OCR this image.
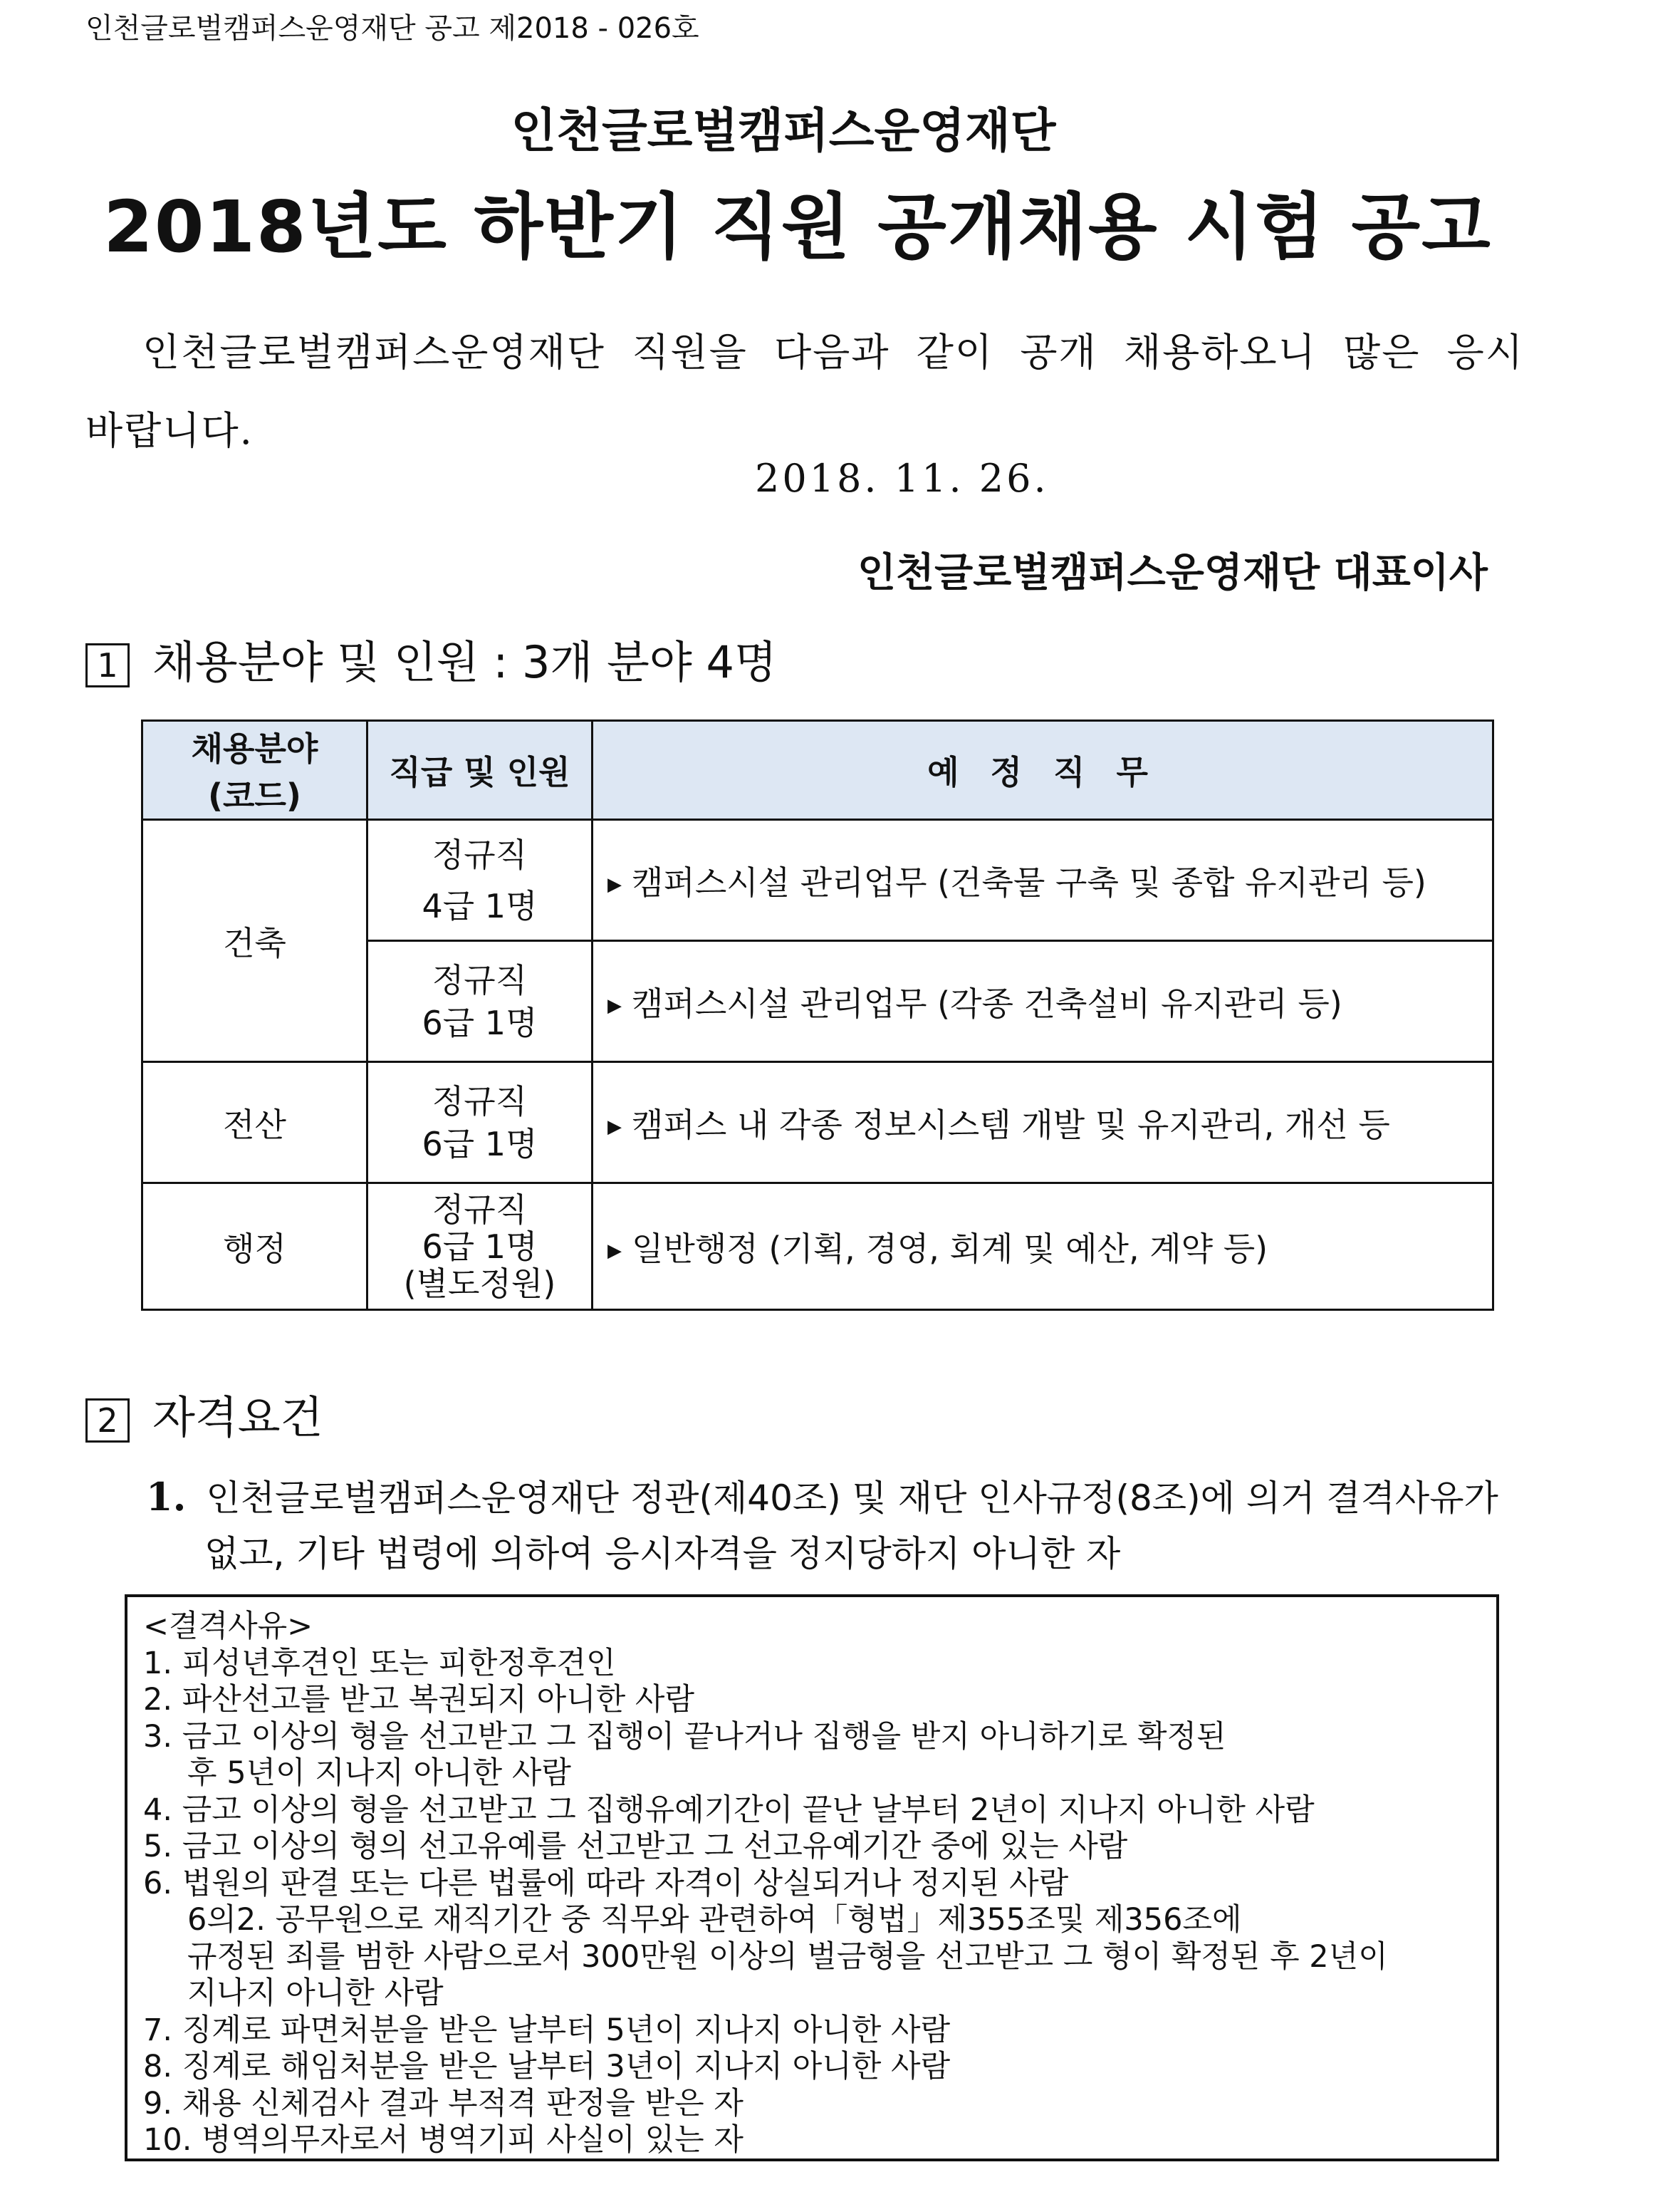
인천글로벌캠퍼스운영재단 공고 제2018 - 026호
인천글로벌캠퍼스운영재단
2018년도 하반기 직원 공개채용 시험 공고
인천글로벌캠퍼스운영재단 직원을 다음과 같이 공개 채용하오니 많은 응시
바랍니다.
2018. 11. 26.
인천글로벌캠퍼스운영재단 대표이사
1 채용분야 및 인원 : 3개 분야 4명
채용분야
(코드)	직급 및 인원	예 정 직 무
건축	정규직
4급 1명	▶ 캠퍼스시설 관리업무 (건축물 구축 및 종합 유지관리 등)

	정규직
6급 1명	▶ 캠퍼스시설 관리업무 (각종 건축설비 유지관리 등)
전산	정규직
6급 1명	▶ 캠퍼스 내 각종 정보시스템 개발 및 유지관리, 개선 등
행정	정규직
6급 1명
(별도정원)	▶ 일반행정 (기획, 경영, 회계 및 예산, 계약 등)
2 자격요건
1. 인천글로벌캠퍼스운영재단 정관(제40조) 및 재단 인사규정(8조)에 의거 결격사유가
없고, 기타 법령에 의하여 응시자격을 정지당하지 아니한 자
<결격사유>
1. 피성년후견인 또는 피한정후견인
2. 파산선고를 받고 복권되지 아니한 사람
3. 금고 이상의 형을 선고받고 그 집행이 끝나거나 집행을 받지 아니하기로 확정된
후 5년이 지나지 아니한 사람
4. 금고 이상의 형을 선고받고 그 집행유예기간이 끝난 날부터 2년이 지나지 아니한 사람
5. 금고 이상의 형의 선고유예를 선고받고 그 선고유예기간 중에 있는 사람
6. 법원의 판결 또는 다른 법률에 따라 자격이 상실되거나 정지된 사람
6의2. 공무원으로 재직기간 중 직무와 관련하여「형법」제355조및 제356조에
규정된 죄를 범한 사람으로서 300만원 이상의 벌금형을 선고받고 그 형이 확정된 후 2년이
지나지 아니한 사람
7. 징계로 파면처분을 받은 날부터 5년이 지나지 아니한 사람
8. 징계로 해임처분을 받은 날부터 3년이 지나지 아니한 사람
9. 채용 신체검사 결과 부적격 판정을 받은 자
10. 병역의무자로서 병역기피 사실이 있는 자
